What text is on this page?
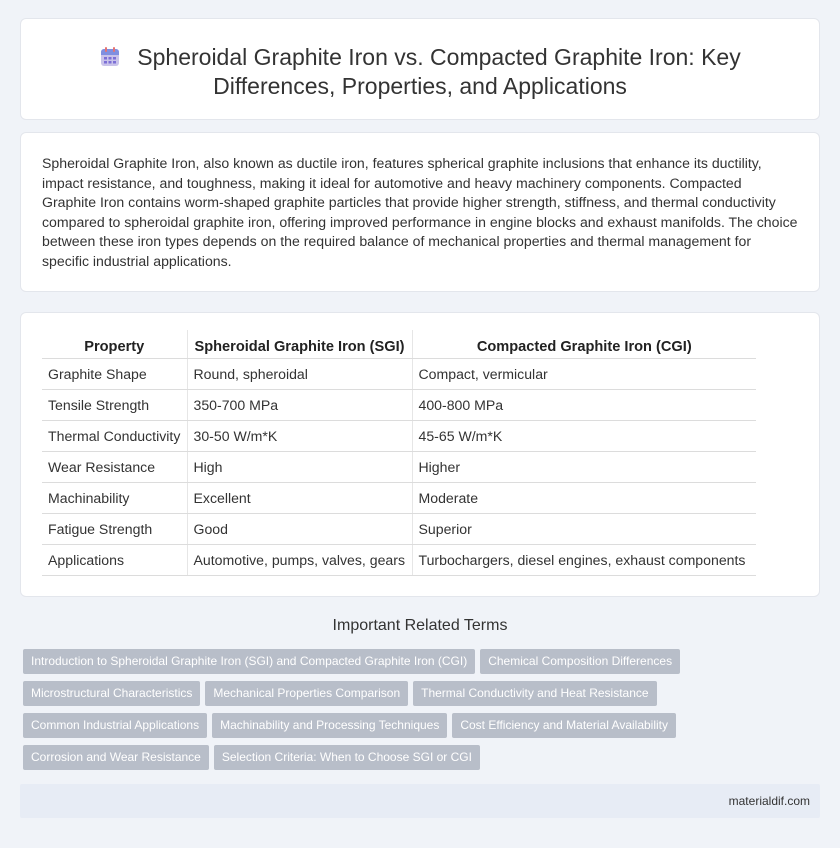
Spheroidal Graphite Iron vs. Compacted Graphite Iron: Key Differences, Properties, and Applications

Spheroidal Graphite Iron, also known as ductile iron, features spherical graphite inclusions that enhance its ductility, impact resistance, and toughness, making it ideal for automotive and heavy machinery components. Compacted Graphite Iron contains worm-shaped graphite particles that provide higher strength, stiffness, and thermal conductivity compared to spheroidal graphite iron, offering improved performance in engine blocks and exhaust manifolds. The choice between these iron types depends on the required balance of mechanical properties and thermal management for specific industrial applications.

Property	Spheroidal Graphite Iron (SGI)	Compacted Graphite Iron (CGI)
Graphite Shape	Round, spheroidal	Compact, vermicular
Tensile Strength	350-700 MPa	400-800 MPa
Thermal Conductivity	30-50 W/m*K	45-65 W/m*K
Wear Resistance	High	Higher
Machinability	Excellent	Moderate
Fatigue Strength	Good	Superior
Applications	Automotive, pumps, valves, gears	Turbochargers, diesel engines, exhaust components
Important Related Terms
Introduction to Spheroidal Graphite Iron (SGI) and Compacted Graphite Iron (CGI) Chemical Composition Differences
Microstructural Characteristics Mechanical Properties Comparison Thermal Conductivity and Heat Resistance
Common Industrial Applications Machinability and Processing Techniques Cost Efficiency and Material Availability
Corrosion and Wear Resistance Selection Criteria: When to Choose SGI or CGI
materialdif.com
